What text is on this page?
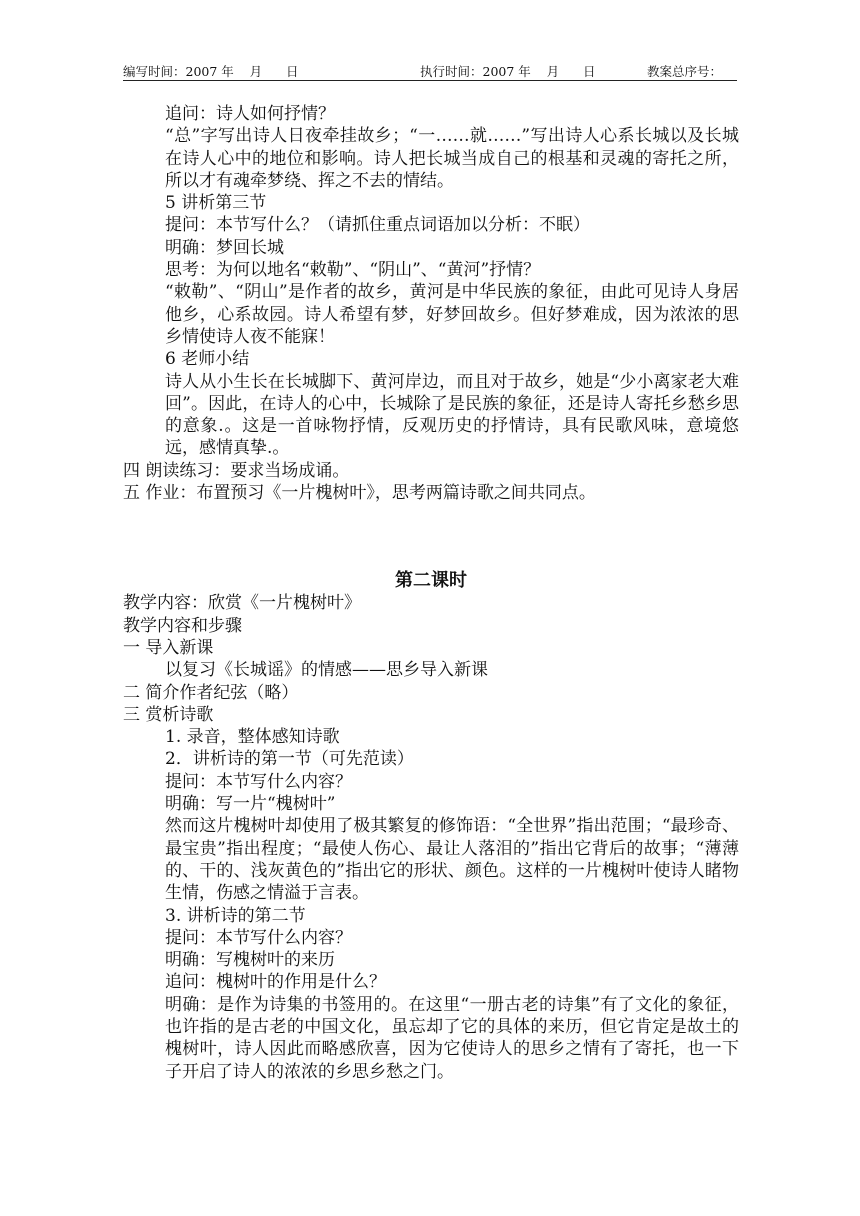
编写时间：2007 年    月      日	执行时间：2007 年    月      日	教案总序号：

追问：诗人如何抒情？

“总”字写出诗人日夜牵挂故乡；“一……就……”写出诗人心系长城以及长城在诗人心中的地位和影响。诗人把长城当成自己的根基和灵魂的寄托之所，所以才有魂牵梦绕、挥之不去的情结。

5 讲析第三节

提问：本节写什么？（请抓住重点词语加以分析：不眠）

明确：梦回长城

思考：为何以地名“敕勒”、“阴山”、“黄河”抒情？

“敕勒”、“阴山”是作者的故乡，黄河是中华民族的象征，由此可见诗人身居他乡，心系故园。诗人希望有梦，好梦回故乡。但好梦难成，因为浓浓的思乡情使诗人夜不能寐！

6 老师小结

诗人从小生长在长城脚下、黄河岸边，而且对于故乡，她是“少小离家老大难回”。因此，在诗人的心中，长城除了是民族的象征，还是诗人寄托乡愁乡思的意象.。这是一首咏物抒情，反观历史的抒情诗，具有民歌风味，意境悠远，感情真挚.。

四 朗读练习：要求当场成诵。

五 作业：布置预习《一片槐树叶》，思考两篇诗歌之间共同点。

第二课时

教学内容：欣赏《一片槐树叶》

教学内容和步骤

一 导入新课

以复习《长城谣》的情感——思乡导入新课

二 简介作者纪弦（略）

三 赏析诗歌

1. 录音，整体感知诗歌

2．讲析诗的第一节（可先范读）

提问：本节写什么内容？

明确：写一片“槐树叶”

然而这片槐树叶却使用了极其繁复的修饰语：“全世界”指出范围；“最珍奇、最宝贵”指出程度；“最使人伤心、最让人落泪的”指出它背后的故事；“薄薄的、干的、浅灰黄色的”指出它的形状、颜色。这样的一片槐树叶使诗人睹物生情，伤感之情溢于言表。

3. 讲析诗的第二节

提问：本节写什么内容？

明确：写槐树叶的来历

追问：槐树叶的作用是什么？

明确：是作为诗集的书签用的。在这里“一册古老的诗集”有了文化的象征，也许指的是古老的中国文化，虽忘却了它的具体的来历，但它肯定是故土的槐树叶，诗人因此而略感欣喜，因为它使诗人的思乡之情有了寄托，也一下子开启了诗人的浓浓的乡思乡愁之门。
